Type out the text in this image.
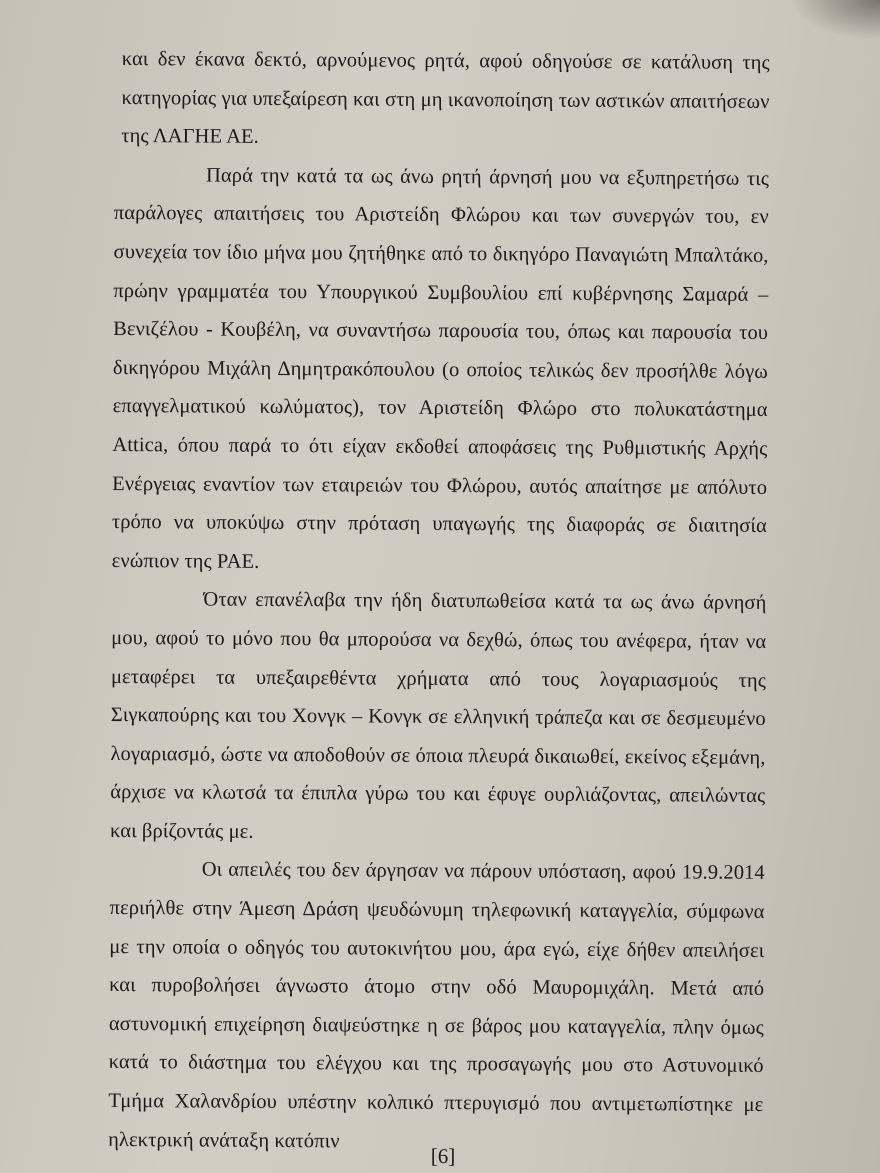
και δεν έκανα δεκτό, αρνούμενος ρητά, αφού οδηγούσε σε κατάλυση της κατηγορίας για υπεξαίρεση και στη μη ικανοποίηση των αστικών απαιτήσεων της ΛΑΓΗΕ ΑΕ.

Παρά την κατά τα ως άνω ρητή άρνησή μου να εξυπηρετήσω τις παράλογες απαιτήσεις του Αριστείδη Φλώρου και των συνεργών του, εν συνεχεία τον ίδιο μήνα μου ζητήθηκε από το δικηγόρο Παναγιώτη Μπαλτάκο, πρώην γραμματέα του Υπουργικού Συμβουλίου επί κυβέρνησης Σαμαρά – Βενιζέλου - Κουβέλη, να συναντήσω παρουσία του, όπως και παρουσία του δικηγόρου Μιχάλη Δημητρακόπουλου (ο οποίος τελικώς δεν προσήλθε λόγω επαγγελματικού κωλύματος), τον Αριστείδη Φλώρο στο πολυκατάστημα Attica, όπου παρά το ότι είχαν εκδοθεί αποφάσεις της Ρυθμιστικής Αρχής Ενέργειας εναντίον των εταιρειών του Φλώρου, αυτός απαίτησε με απόλυτο τρόπο να υποκύψω στην πρόταση υπαγωγής της διαφοράς σε διαιτησία ενώπιον της ΡΑΕ.

Όταν επανέλαβα την ήδη διατυπωθείσα κατά τα ως άνω άρνησή μου, αφού το μόνο που θα μπορούσα να δεχθώ, όπως του ανέφερα, ήταν να μεταφέρει τα υπεξαιρεθέντα χρήματα από τους λογαριασμούς της Σιγκαπούρης και του Χονγκ – Κονγκ σε ελληνική τράπεζα και σε δεσμευμένο λογαριασμό, ώστε να αποδοθούν σε όποια πλευρά δικαιωθεί, εκείνος εξεμάνη, άρχισε να κλωτσά τα έπιπλα γύρω του και έφυγε ουρλιάζοντας, απειλώντας και βρίζοντάς με.

Οι απειλές του δεν άργησαν να πάρουν υπόσταση, αφού 19.9.2014 περιήλθε στην Άμεση Δράση ψευδώνυμη τηλεφωνική καταγγελία, σύμφωνα με την οποία ο οδηγός του αυτοκινήτου μου, άρα εγώ, είχε δήθεν απειλήσει και πυροβολήσει άγνωστο άτομο στην οδό Μαυρομιχάλη. Μετά από αστυνομική επιχείρηση διαψεύστηκε η σε βάρος μου καταγγελία, πλην όμως κατά το διάστημα του ελέγχου και της προσαγωγής μου στο Αστυνομικό Τμήμα Χαλανδρίου υπέστην κολπικό πτερυγισμό που αντιμετωπίστηκε με ηλεκτρική ανάταξη κατόπιν

[6]
